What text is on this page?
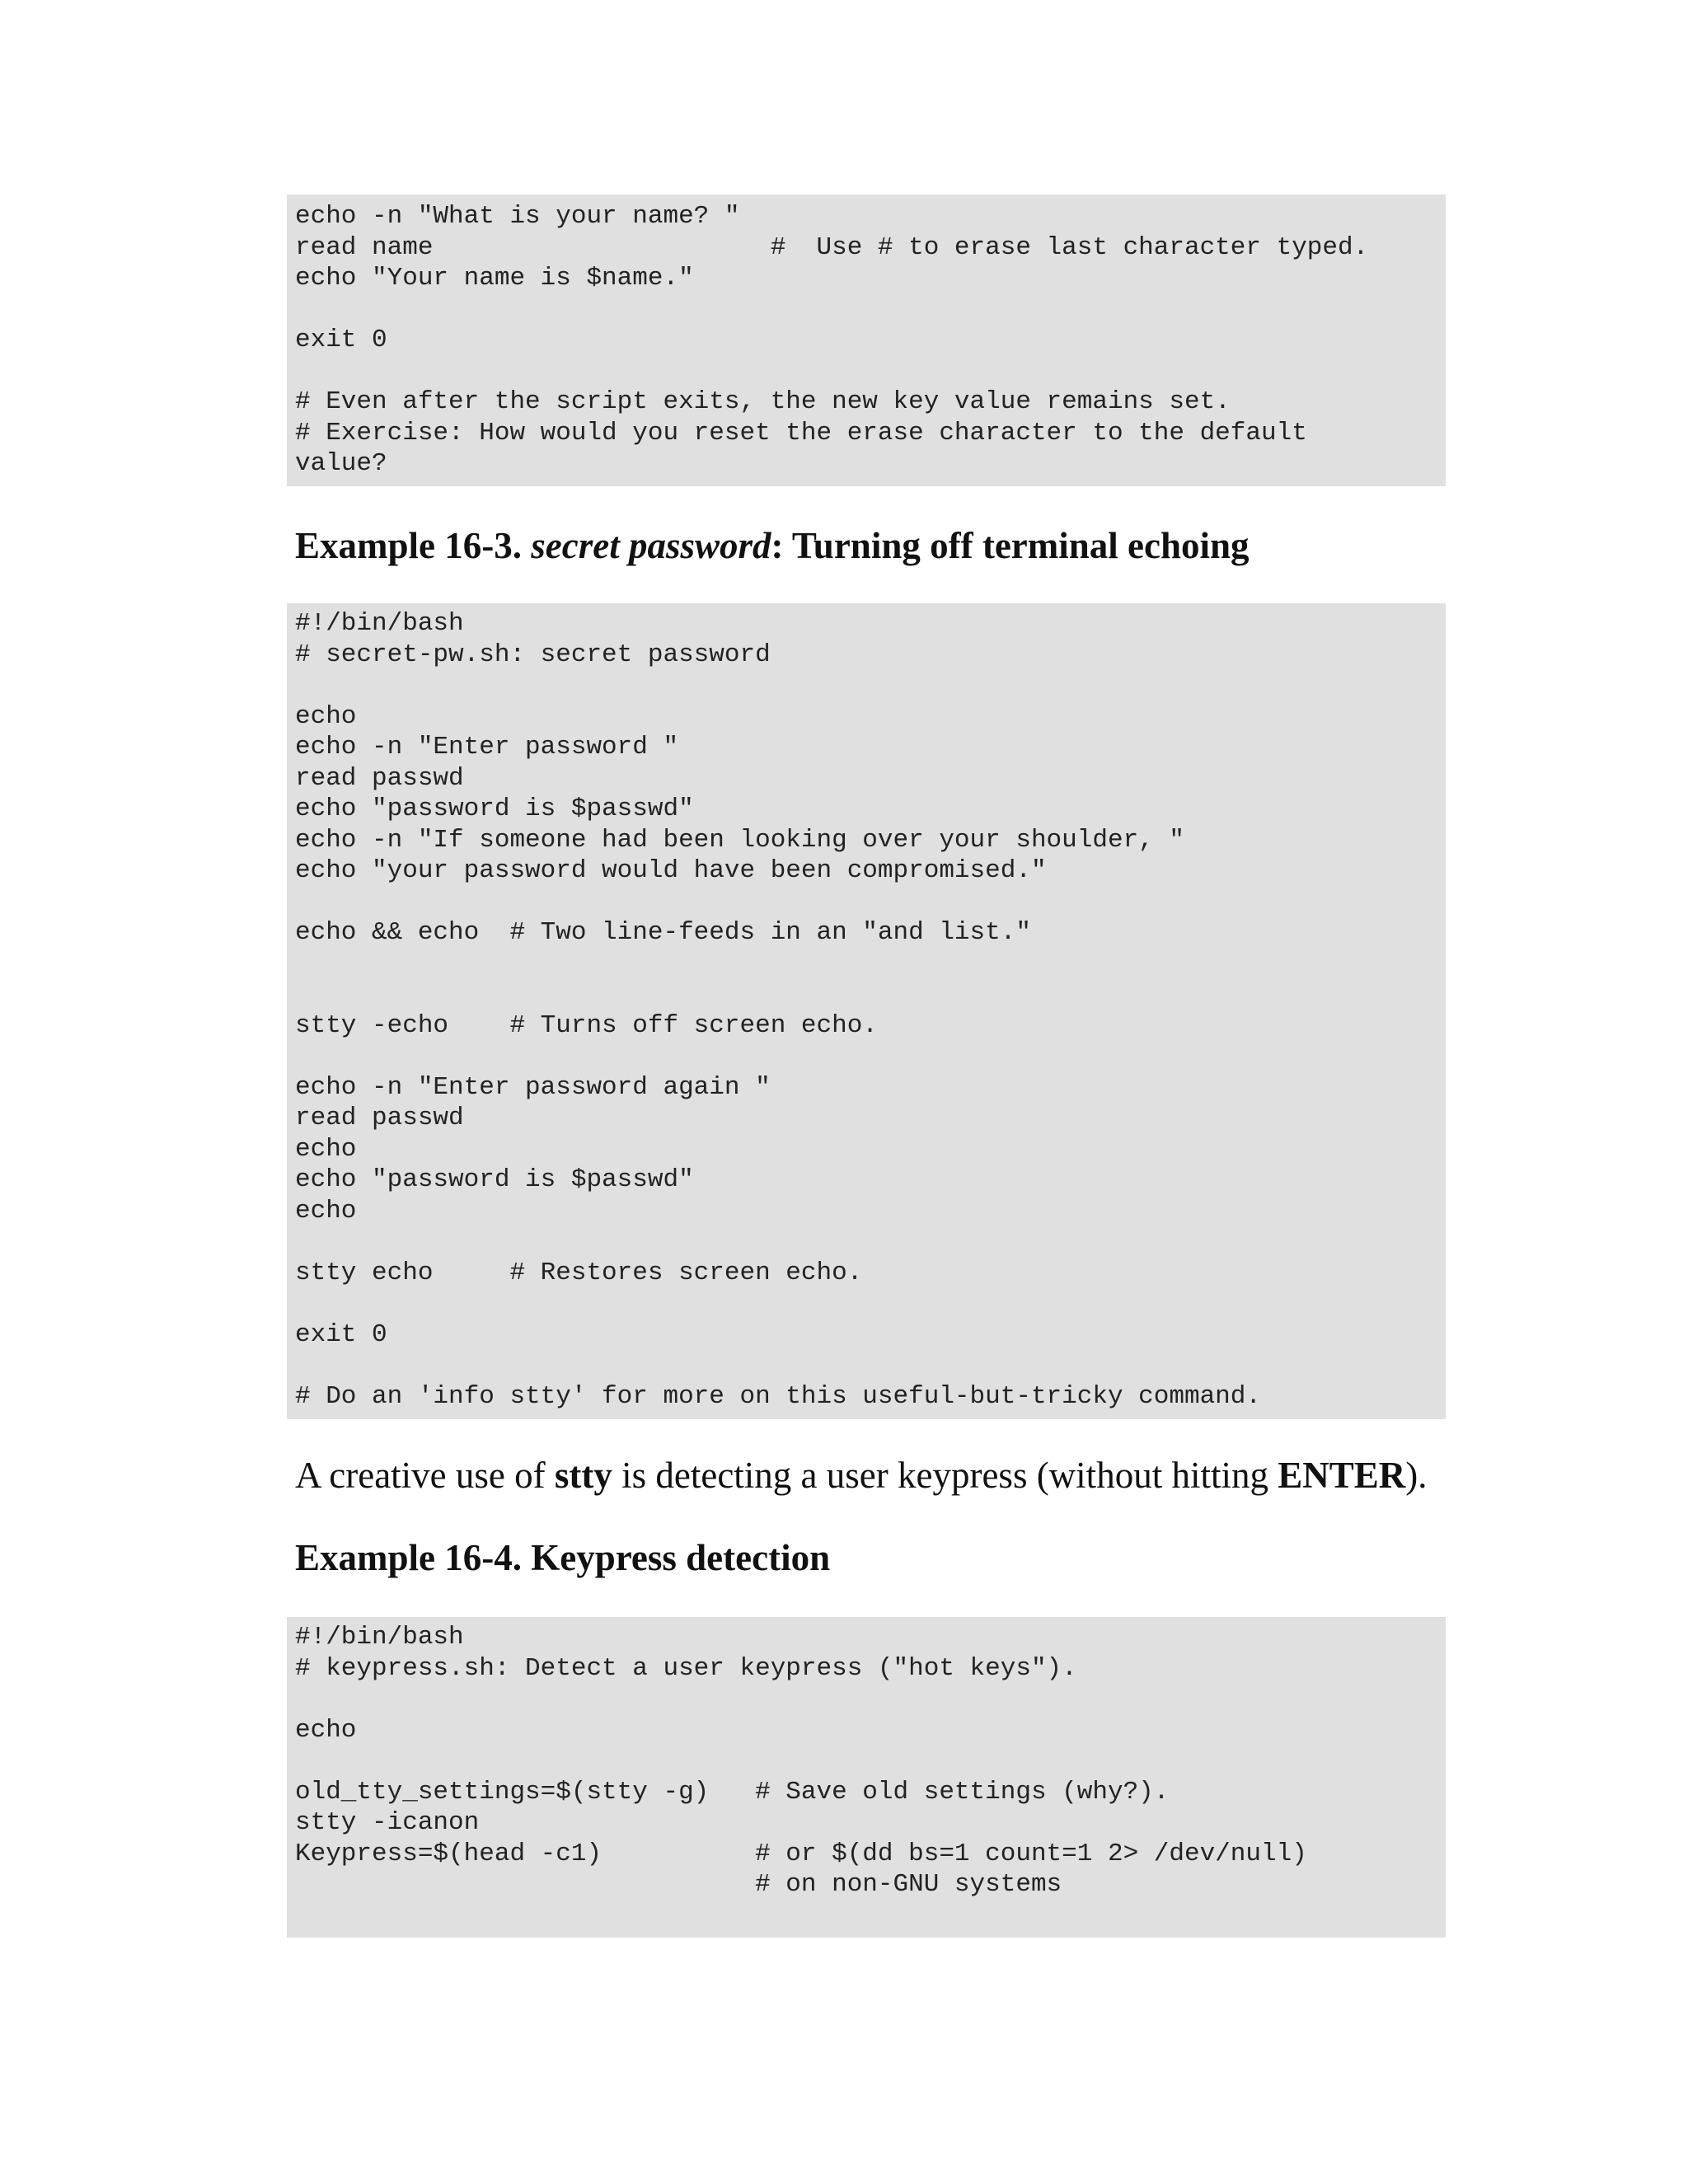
echo -n "What is your name? "
read name                      #  Use # to erase last character typed.
echo "Your name is $name."

exit 0

# Even after the script exits, the new key value remains set.
# Exercise: How would you reset the erase character to the default
value?
Example 16-3. secret password: Turning off terminal echoing
#!/bin/bash
# secret-pw.sh: secret password

echo
echo -n "Enter password "
read passwd
echo "password is $passwd"
echo -n "If someone had been looking over your shoulder, "
echo "your password would have been compromised."

echo && echo  # Two line-feeds in an "and list."

stty -echo    # Turns off screen echo.

echo -n "Enter password again "
read passwd
echo
echo "password is $passwd"
echo

stty echo     # Restores screen echo.

exit 0

# Do an 'info stty' for more on this useful-but-tricky command.

A creative use of stty is detecting a user keypress (without hitting ENTER).

Example 16-4. Keypress detection
#!/bin/bash
# keypress.sh: Detect a user keypress ("hot keys").

echo

old_tty_settings=$(stty -g)   # Save old settings (why?).
stty -icanon
Keypress=$(head -c1)          # or $(dd bs=1 count=1 2> /dev/null)
# on non-GNU systems
